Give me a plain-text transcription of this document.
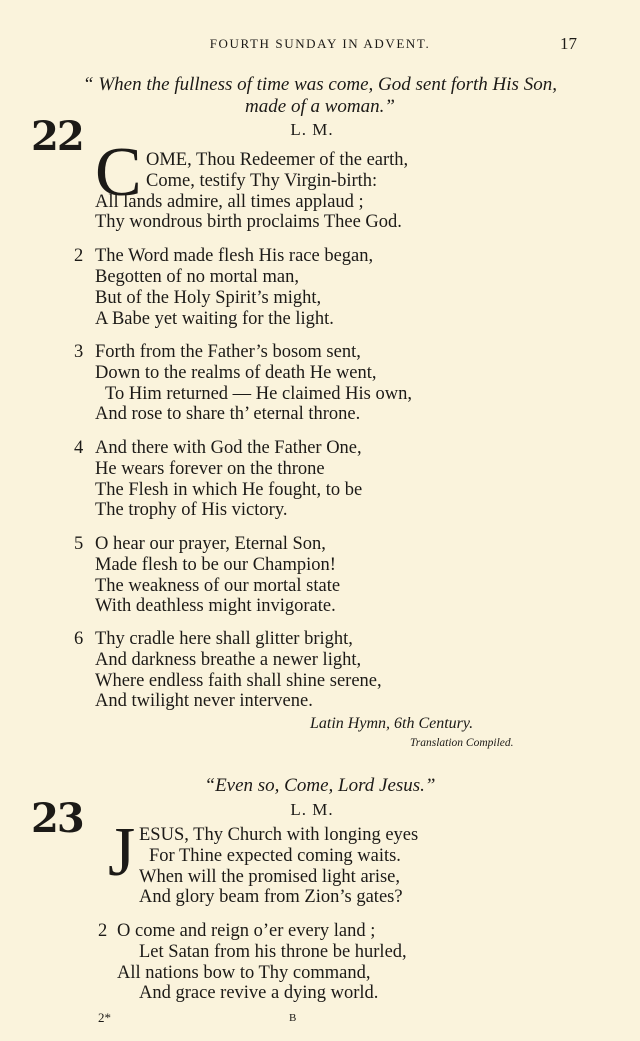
FOURTH SUNDAY IN ADVENT.	17
“ When the fullness of time was come, God sent forth His Son,
made of a woman.”
22	L. M.
C OME, Thou Redeemer of the earth,
Come, testify Thy Virgin-birth:
All lands admire, all times applaud ;
Thy wondrous birth proclaims Thee God.
2 The Word made flesh His race began,
Begotten of no mortal man,
But of the Holy Spirit’s might,
A Babe yet waiting for the light.
3 Forth from the Father’s bosom sent,
Down to the realms of death He went,
To Him returned — He claimed His own,
And rose to share th’ eternal throne.
4 And there with God the Father One,
He wears forever on the throne
The Flesh in which He fought, to be
The trophy of His victory.
5 O hear our prayer, Eternal Son,
Made flesh to be our Champion!
The weakness of our mortal state
With deathless might invigorate.
6 Thy cradle here shall glitter bright,
And darkness breathe a newer light,
Where endless faith shall shine serene,
And twilight never intervene.
Latin Hymn, 6th Century.
Translation Compiled.
“Even so, Come, Lord Jesus.”
23	L. M.
J ESUS, Thy Church with longing eyes
For Thine expected coming waits.
When will the promised light arise,
And glory beam from Zion’s gates?
2 O come and reign o’er every land ;
Let Satan from his throne be hurled,
All nations bow to Thy command,
And grace revive a dying world.
2*	B
